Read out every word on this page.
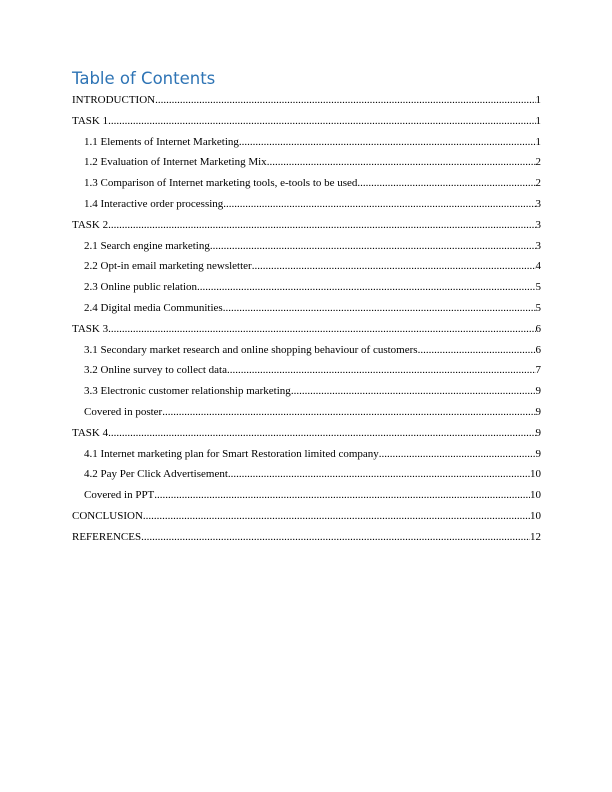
Table of Contents
INTRODUCTION .....	1
TASK 1 .....	1
1.1 Elements of Internet Marketing .....	1
1.2 Evaluation of Internet Marketing Mix .....	2
1.3 Comparison of Internet marketing tools, e-tools to be used .....	2
1.4 Interactive order processing .....	3
TASK 2 .....	3
2.1 Search engine marketing .....	3
2.2 Opt-in email marketing newsletter .....	4
2.3 Online public relation .....	5
2.4 Digital media Communities .....	5
TASK 3 .....	6
3.1 Secondary market research and online shopping behaviour of customers .....	6
3.2 Online survey to collect data .....	7
3.3 Electronic customer relationship marketing .....	9
Covered in poster .....	9
TASK 4 .....	9
4.1 Internet marketing plan for Smart Restoration limited company .....	9
4.2 Pay Per Click Advertisement .....	10
Covered in PPT .....	10
CONCLUSION .....	10
REFERENCES .....	12
